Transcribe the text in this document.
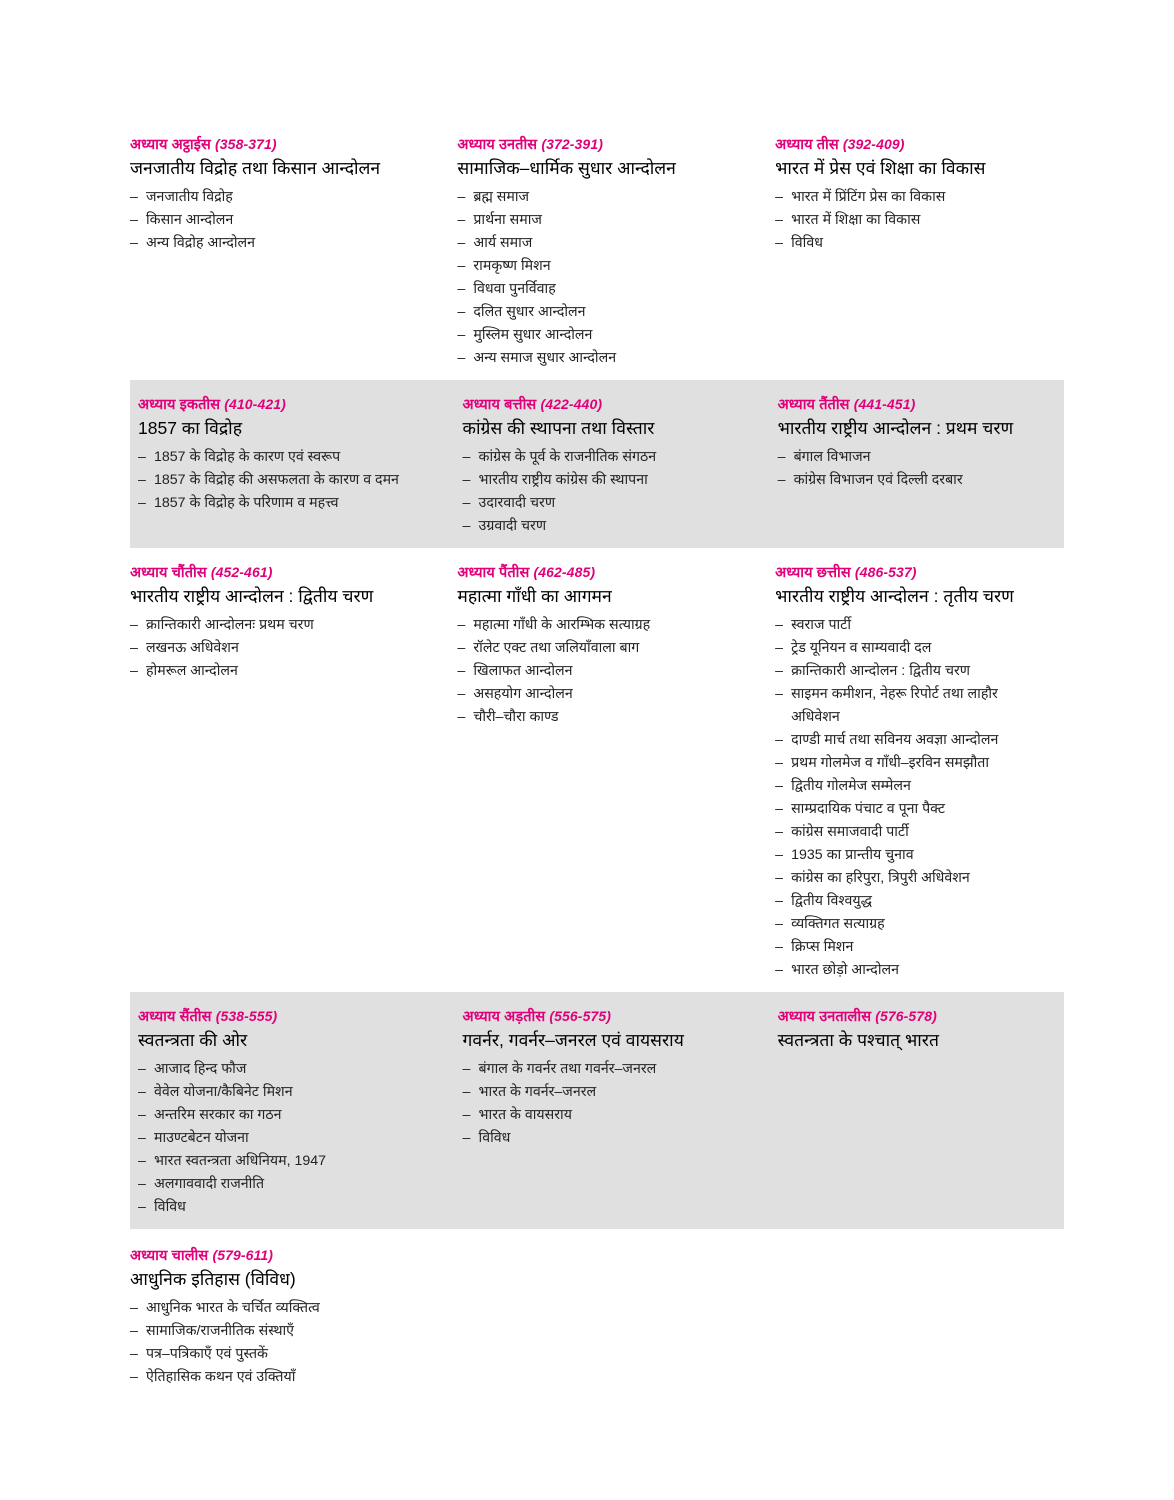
अध्याय अट्ठाईस (358-371)
जनजातीय विद्रोह तथा किसान आन्दोलन
– जनजातीय विद्रोह
– किसान आन्दोलन
– अन्य विद्रोह आन्दोलन
अध्याय उनतीस (372-391)
सामाजिक–धार्मिक सुधार आन्दोलन
– ब्रह्म समाज
– प्रार्थना समाज
– आर्य समाज
– रामकृष्ण मिशन
– विधवा पुनर्विवाह
– दलित सुधार आन्दोलन
– मुस्लिम सुधार आन्दोलन
– अन्य समाज सुधार आन्दोलन
अध्याय तीस (392-409)
भारत में प्रेस एवं शिक्षा का विकास
– भारत में प्रिंटिंग प्रेस का विकास
– भारत में शिक्षा का विकास
– विविध
अध्याय इकतीस (410-421)
1857 का विद्रोह
– 1857 के विद्रोह के कारण एवं स्वरूप
– 1857 के विद्रोह की असफलता के कारण व दमन
– 1857 के विद्रोह के परिणाम व महत्त्व
अध्याय बत्तीस (422-440)
कांग्रेस की स्थापना तथा विस्तार
– कांग्रेस के पूर्व के राजनीतिक संगठन
– भारतीय राष्ट्रीय कांग्रेस की स्थापना
– उदारवादी चरण
– उग्रवादी चरण
अध्याय तैंतीस (441-451)
भारतीय राष्ट्रीय आन्दोलन : प्रथम चरण
– बंगाल विभाजन
– कांग्रेस विभाजन एवं दिल्ली दरबार
अध्याय चौंतीस (452-461)
भारतीय राष्ट्रीय आन्दोलन : द्वितीय चरण
– क्रान्तिकारी आन्दोलनः प्रथम चरण
– लखनऊ अधिवेशन
– होमरूल आन्दोलन
अध्याय पैंतीस (462-485)
महात्मा गाँधी का आगमन
– महात्मा गाँधी के आरम्भिक सत्याग्रह
– रॉलेट एक्ट तथा जलियाँवाला बाग
– खिलाफत आन्दोलन
– असहयोग आन्दोलन
– चौरी–चौरा काण्ड
अध्याय छत्तीस (486-537)
भारतीय राष्ट्रीय आन्दोलन : तृतीय चरण
– स्वराज पार्टी
– ट्रेड यूनियन व साम्यवादी दल
– क्रान्तिकारी आन्दोलन : द्वितीय चरण
– साइमन कमीशन, नेहरू रिपोर्ट तथा लाहौर अधिवेशन
– दाण्डी मार्च तथा सविनय अवज्ञा आन्दोलन
– प्रथम गोलमेज व गाँधी–इरविन समझौता
– द्वितीय गोलमेज सम्मेलन
– साम्प्रदायिक पंचाट व पूना पैक्ट
– कांग्रेस समाजवादी पार्टी
– 1935 का प्रान्तीय चुनाव
– कांग्रेस का हरिपुरा, त्रिपुरी अधिवेशन
– द्वितीय विश्वयुद्ध
– व्यक्तिगत सत्याग्रह
– क्रिप्स मिशन
– भारत छोड़ो आन्दोलन
अध्याय सैंतीस (538-555)
स्वतन्त्रता की ओर
– आजाद हिन्द फौज
– वेवेल योजना/कैबिनेट मिशन
– अन्तरिम सरकार का गठन
– माउण्टबेटन योजना
– भारत स्वतन्त्रता अधिनियम, 1947
– अलगाववादी राजनीति
– विविध
अध्याय अड़तीस (556-575)
गवर्नर, गवर्नर–जनरल एवं वायसराय
– बंगाल के गवर्नर तथा गवर्नर–जनरल
– भारत के गवर्नर–जनरल
– भारत के वायसराय
– विविध
अध्याय उनतालीस (576-578)
स्वतन्त्रता के पश्चात् भारत
अध्याय चालीस (579-611)
आधुनिक इतिहास (विविध)
– आधुनिक भारत के चर्चित व्यक्तित्व
– सामाजिक/राजनीतिक संस्थाएँ
– पत्र–पत्रिकाएँ एवं पुस्तकें
– ऐतिहासिक कथन एवं उक्तियाँ
